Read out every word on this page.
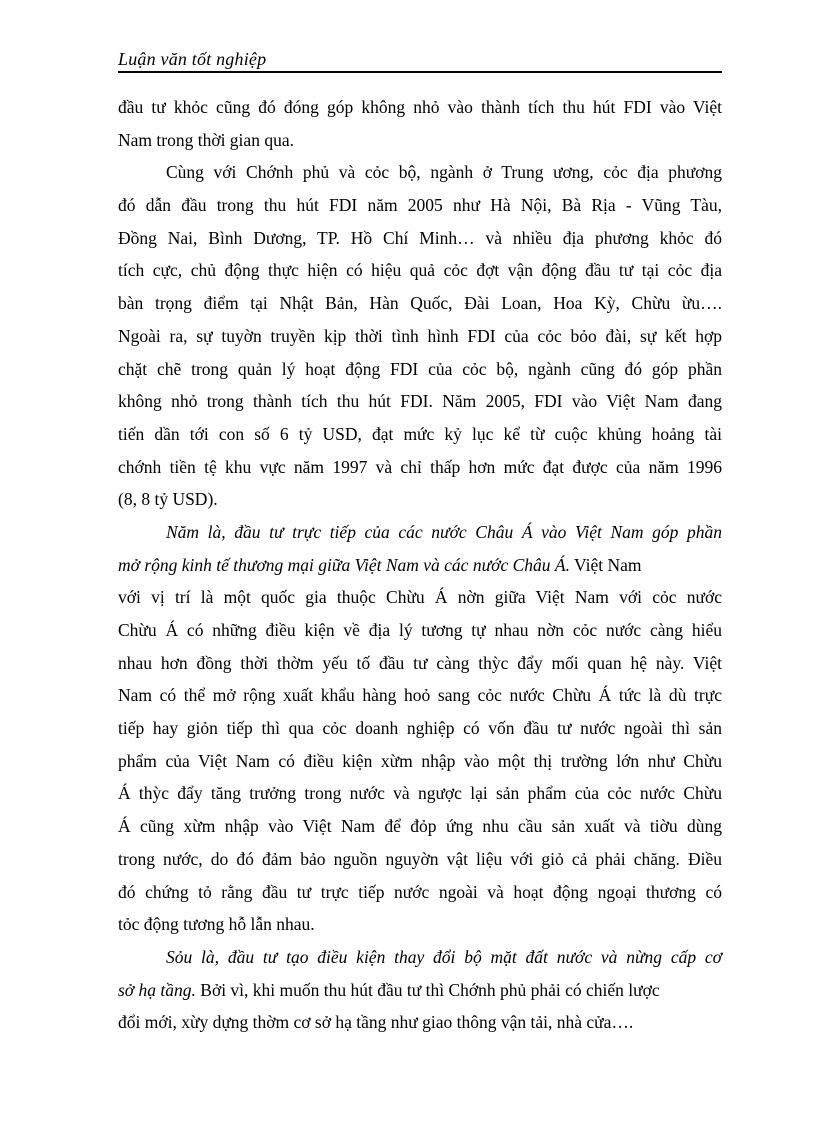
Luận văn tốt nghiệp
đầu tư khỏc cũng đó đóng góp không nhỏ vào thành tích thu hút FDI vào Việt
Nam trong thời gian qua.
Cùng với Chớnh phủ và cỏc bộ, ngành ở Trung ương, cỏc địa phương
đó dẫn đầu trong thu hút FDI năm 2005 như Hà Nội, Bà Rịa - Vũng Tàu,
Đồng Nai, Bình Dương, TP. Hồ Chí Minh… và nhiều địa phương khỏc đó
tích cực, chủ động thực hiện có hiệu quả cỏc đợt vận động đầu tư tại cỏc địa
bàn trọng điểm tại Nhật Bản, Hàn Quốc, Đài Loan, Hoa Kỳ, Chừu ừu….
Ngoài ra, sự tuyờn truyền kịp thời tình hình FDI của cỏc bỏo đài, sự kết hợp
chặt chẽ trong quản lý hoạt động FDI của cỏc bộ, ngành cũng đó góp phần
không nhỏ trong thành tích thu hút FDI. Năm 2005, FDI vào Việt Nam đang
tiến dần tới con số 6 tỷ USD, đạt mức kỷ lục kể từ cuộc khủng hoảng tài
chớnh tiền tệ khu vực năm 1997 và chỉ thấp hơn mức đạt được của năm 1996
(8, 8 tỷ USD).
Năm là, đầu tư trực tiếp của các nước Châu Á vào Việt Nam góp phần
mở rộng kinh tế thương mại giữa Việt Nam và các nước Châu Á. Việt Nam
với vị trí là một quốc gia thuộc Chừu Á nờn giữa Việt Nam với cỏc nước
Chừu Á có những điều kiện về địa lý tương tự nhau nờn cỏc nước càng hiểu
nhau hơn đồng thời thờm yếu tố đầu tư càng thỳc đẩy mối quan hệ này. Việt
Nam có thể mở rộng xuất khẩu hàng hoỏ sang cỏc nước Chừu Á tức là dù trực
tiếp hay giỏn tiếp thì qua cỏc doanh nghiệp có vốn đầu tư nước ngoài thì sản
phẩm của Việt Nam có điều kiện xừm nhập vào một thị trường lớn như Chừu
Á thỳc đẩy tăng trưởng trong nước và ngược lại sản phẩm của cỏc nước Chừu
Á cũng xừm nhập vào Việt Nam để đỏp ứng nhu cầu sản xuất và tiờu dùng
trong nước, do đó đảm bảo nguồn nguyờn vật liệu với giỏ cả phải chăng. Điều
đó chứng tỏ rằng đầu tư trực tiếp nước ngoài và hoạt động ngoại thương có
tỏc động tương hỗ lẫn nhau.
Sỏu là, đầu tư tạo điều kiện thay đổi bộ mặt đất nước và nừng cấp cơ
sở hạ tầng. Bởi vì, khi muốn thu hút đầu tư thì Chớnh phủ phải có chiến lược
đổi mới, xừy dựng thờm cơ sở hạ tầng như giao thông vận tải, nhà cửa….
